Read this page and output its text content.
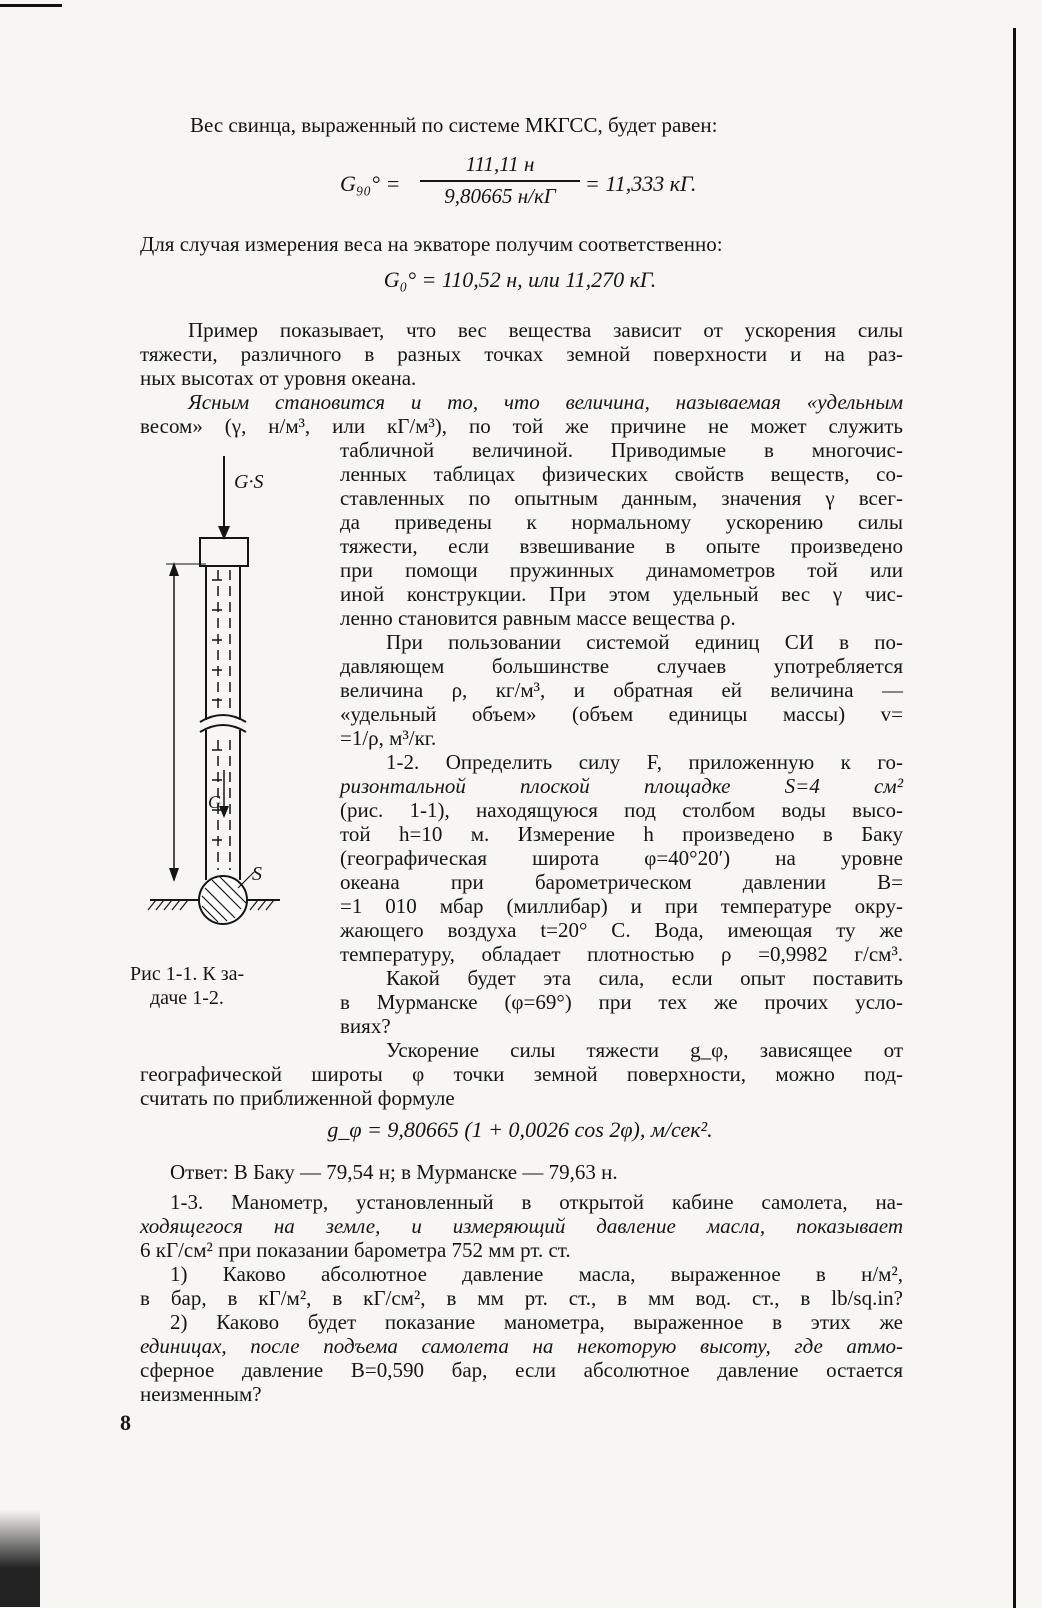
Вес свинца, выраженный по системе МКГСС, будет равен:
G₉₀° =
111,11 н
9,80665 н/кГ	= 11,333 кГ.
Для случая измерения веса на экваторе получим соответственно:
G₀° = 110,52 н, или 11,270 кГ.
Пример показывает, что вес вещества зависит от ускорения силы
тяжести, различного в разных точках земной поверхности и на раз-
ных высотах от уровня океана.
Ясным становится и то, что величина, называемая «удельным
весом» (γ, н/м³, или кГ/м³), по той же причине не может служить
табличной величиной. Приводимые в многочис-
ленных таблицах физических свойств веществ, со-
ставленных по опытным данным, значения γ всег-
да приведены к нормальному ускорению силы
тяжести, если взвешивание в опыте произведено
при помощи пружинных динамометров той или
иной конструкции. При этом удельный вес γ чис-
ленно становится равным массе вещества ρ.
При пользовании системой единиц СИ в по-
давляющем большинстве случаев употребляется
величина ρ, кг/м³, и обратная ей величина —
«удельный объем» (объем единицы массы) v=
=1/ρ, м³/кг.
1-2. Определить силу F, приложенную к го-
ризонтальной плоской площадке S=4 см²
(рис. 1-1), находящуюся под столбом воды высо-
той h=10 м. Измерение h произведено в Баку
(географическая широта φ=40°20′) на уровне
океана при барометрическом давлении B=
=1 010 мбар (миллибар) и при температуре окру-
жающего воздуха t=20° С. Вода, имеющая ту же
температуру, обладает плотностью ρ =0,9982 г/см³.
Какой будет эта сила, если опыт поставить
в Мурманске (φ=69°) при тех же прочих усло-
виях?
Ускорение силы тяжести g_φ, зависящее от
географической широты φ точки земной поверхности, можно под-
считать по приближенной формуле
g_φ = 9,80665 (1 + 0,0026 cos 2φ), м/сек².
Ответ: В Баку — 79,54 н; в Мурманске — 79,63 н.
1-3. Манометр, установленный в открытой кабине самолета, на-
ходящегося на земле, и измеряющий давление масла, показывает
6 кГ/см² при показании барометра 752 мм рт. ст.
1) Каково абсолютное давление масла, выраженное в н/м²,
в бар, в кГ/м², в кГ/см², в мм рт. ст., в мм вод. ст., в lb/sq.in?
2) Каково будет показание манометра, выраженное в этих же
единицах, после подъема самолета на некоторую высоту, где атмо-
сферное давление B=0,590 бар, если абсолютное давление остается
неизменным?
8
G·S
G
S
Рис 1-1. К за-
даче 1-2.
